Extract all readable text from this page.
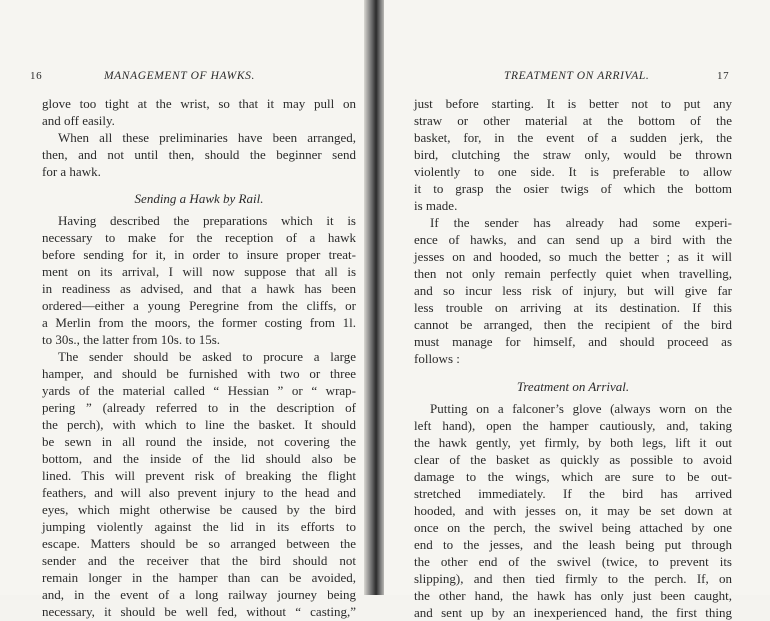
16	MANAGEMENT OF HAWKS.
glove too tight at the wrist, so that it may pull on
and off easily.
When all these preliminaries have been arranged,
then, and not until then, should the beginner send
for a hawk.
Sending a Hawk by Rail.
Having described the preparations which it is
necessary to make for the reception of a hawk
before sending for it, in order to insure proper treat-
ment on its arrival, I will now suppose that all is
in readiness as advised, and that a hawk has been
ordered—either a young Peregrine from the cliffs, or
a Merlin from the moors, the former costing from 1l.
to 30s., the latter from 10s. to 15s.
The sender should be asked to procure a large
hamper, and should be furnished with two or three
yards of the material called “ Hessian ” or “ wrap-
pering ” (already referred to in the description of
the perch), with which to line the basket. It should
be sewn in all round the inside, not covering the
bottom, and the inside of the lid should also be
lined. This will prevent risk of breaking the flight
feathers, and will also prevent injury to the head and
eyes, which might otherwise be caused by the bird
jumping violently against the lid in its efforts to
escape. Matters should be so arranged between the
sender and the receiver that the bird should not
remain longer in the hamper than can be avoided,
and, in the event of a long railway journey being
necessary, it should be well fed, without “ casting,”
TREATMENT ON ARRIVAL.	17
just before starting. It is better not to put any
straw or other material at the bottom of the
basket, for, in the event of a sudden jerk, the
bird, clutching the straw only, would be thrown
violently to one side. It is preferable to allow
it to grasp the osier twigs of which the bottom
is made.
If the sender has already had some experi-
ence of hawks, and can send up a bird with the
jesses on and hooded, so much the better ; as it will
then not only remain perfectly quiet when travelling,
and so incur less risk of injury, but will give far
less trouble on arriving at its destination. If this
cannot be arranged, then the recipient of the bird
must manage for himself, and should proceed as
follows :
Treatment on Arrival.
Putting on a falconer’s glove (always worn on the
left hand), open the hamper cautiously, and, taking
the hawk gently, yet firmly, by both legs, lift it out
clear of the basket as quickly as possible to avoid
damage to the wings, which are sure to be out-
stretched immediately. If the bird has arrived
hooded, and with jesses on, it may be set down at
once on the perch, the swivel being attached by one
end to the jesses, and the leash being put through
the other end of the swivel (twice, to prevent its
slipping), and then tied firmly to the perch. If, on
the other hand, the hawk has only just been caught,
and sent up by an inexperienced hand, the first thing
